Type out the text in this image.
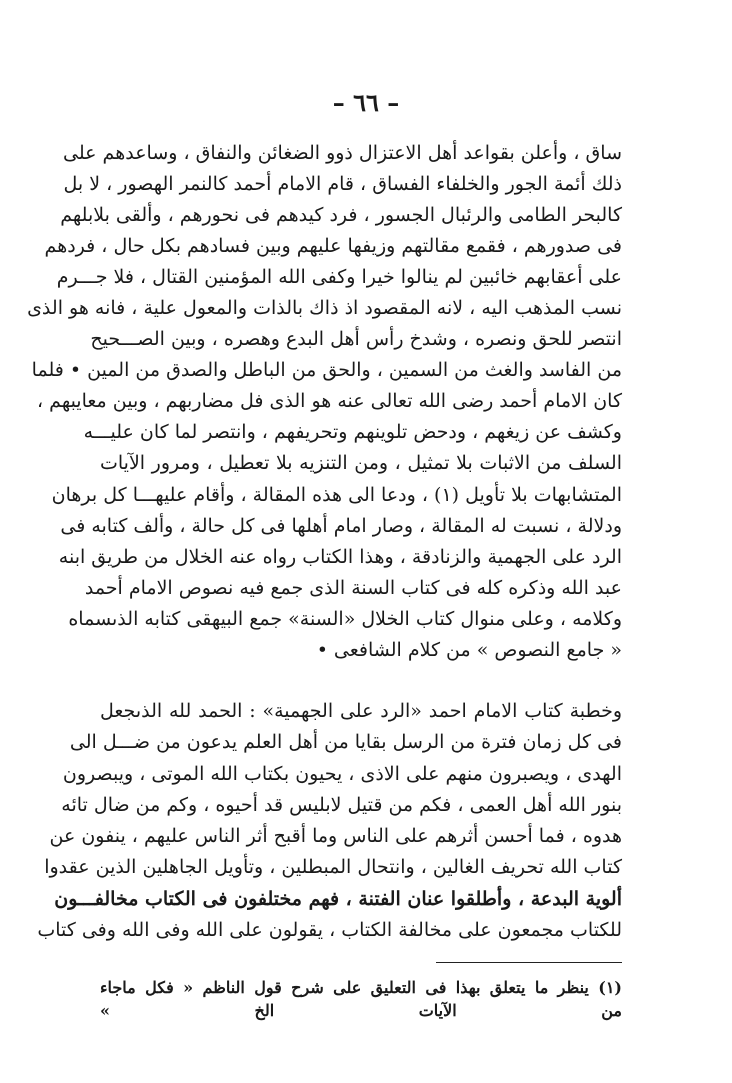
– ٦٦ –
ساق ، وأعلن بقواعد أهل الاعتزال ذوو الضغائن والنفاق ، وساعدهم على
ذلك أئمة الجور والخلفاء الفساق ، قام الامام أحمد كالنمر الهصور ، لا بل
كالبحر الطامى والرئبال الجسور ، فرد كيدهم فى نحورهم ، وألقى بلابلهم
فى صدورهم ، فقمع مقالتهم وزيفها عليهم وبين فسادهم بكل حال ، فردهم
على أعقابهم خائبين لم ينالوا خيرا وكفى الله المؤمنين القتال ، فلا جـــرم
نسب المذهب اليه ، لانه المقصود اذ ذاك بالذات والمعول علية ، فانه هو الذى
انتصر للحق ونصره ، وشدخ رأس أهل البدع وهصره ، وبين الصـــحيح
من الفاسد والغث من السمين ، والحق من الباطل والصدق من المين • فلما
كان الامام أحمد رضى الله تعالى عنه هو الذى فل مضاربهم ، وبين معايبهم ،
وكشف عن زيغهم ، ودحض تلوينهم وتحريفهم ، وانتصر لما كان عليـــه
السلف من الاثبات بلا تمثيل ، ومن التنزيه بلا تعطيل ، ومرور الآيات
المتشابهات بلا تأويل (١) ، ودعا الى هذه المقالة ، وأقام عليهـــا كل برهان
ودلالة ، نسبت له المقالة ، وصار امام أهلها فى كل حالة ، وألف كتابه فى
الرد على الجهمية والزنادقة ، وهذا الكتاب رواه عنه الخلال من طريق ابنه
عبد الله وذكره كله فى كتاب السنة الذى جمع فيه نصوص الامام أحمد
وكلامه ، وعلى منوال كتاب الخلال «السنة» جمع البيهقى كتابه الذىسماه
« جامع النصوص » من كلام الشافعى •
وخطبة كتاب الامام احمد «الرد على الجهمية» : الحمد لله الذىجعل
فى كل زمان فترة من الرسل بقايا من أهل العلم يدعون من ضـــل الى
الهدى ، ويصبرون منهم على الاذى ، يحيون بكتاب الله الموتى ، ويبصرون
بنور الله أهل العمى ، فكم من قتيل لابليس قد أحيوه ، وكم من ضال تائه
هدوه ، فما أحسن أثرهم على الناس وما أقبح أثر الناس عليهم ، ينفون عن
كتاب الله تحريف الغالين ، وانتحال المبطلين ، وتأويل الجاهلين الذين عقدوا
ألوية البدعة ، وأطلقوا عنان الفتنة ، فهم مختلفون فى الكتاب مخالفـــون
للكتاب مجمعون على مخالفة الكتاب ، يقولون على الله وفى الله وفى كتاب
(١) ينظر ما يتعلق بهذا فى التعليق على شرح قول الناظم « فكل ماجاء
من الآيات الخ »
